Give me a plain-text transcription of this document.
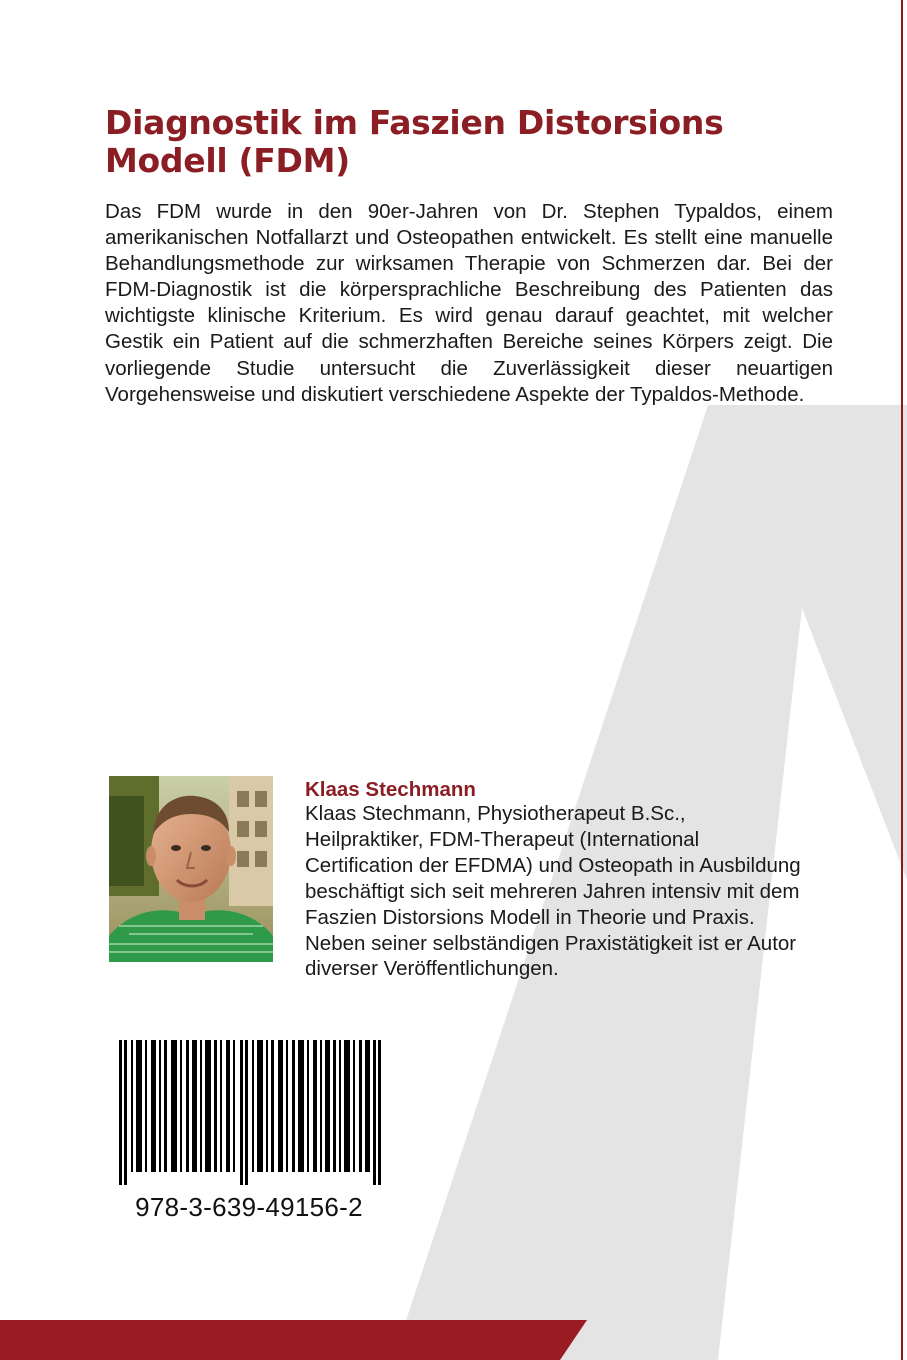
Diagnostik im Faszien Distorsions Modell (FDM)

Das FDM wurde in den 90er-Jahren von Dr. Stephen Typaldos, einem amerikanischen Notfallarzt und Osteopathen entwickelt. Es stellt eine manuelle Behandlungsmethode zur wirksamen Therapie von Schmerzen dar. Bei der FDM-Diagnostik ist die körpersprachliche Beschreibung des Patienten das wichtigste klinische Kriterium. Es wird genau darauf geachtet, mit welcher Gestik ein Patient auf die schmerzhaften Bereiche seines Körpers zeigt. Die vorliegende Studie untersucht die Zuverlässigkeit dieser neuartigen Vorgehensweise und diskutiert verschiedene Aspekte der Typaldos-Methode.

Klaas Stechmann

Klaas Stechmann, Physiotherapeut B.Sc., Heilpraktiker, FDM-Therapeut (International Certification der EFDMA) und Osteopath in Ausbildung beschäftigt sich seit mehreren Jahren intensiv mit dem Faszien Distorsions Modell in Theorie und Praxis. Neben seiner selbständigen Praxistätigkeit ist er Autor diverser Veröffentlichungen.

978-3-639-49156-2
